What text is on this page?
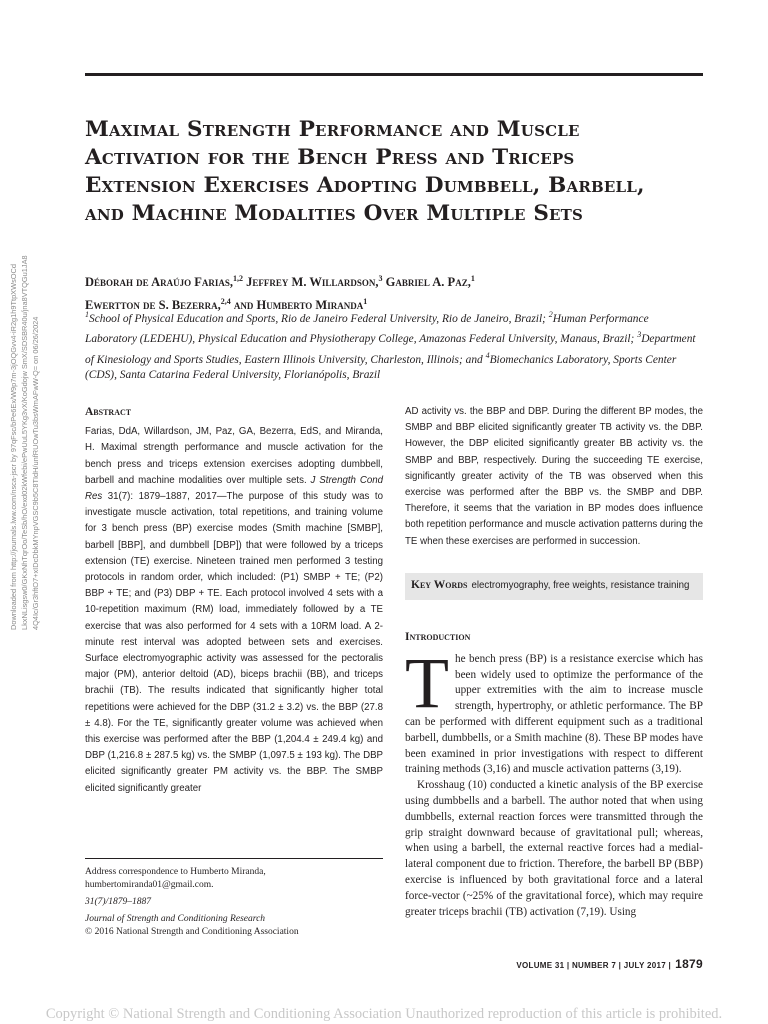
Downloaded from http://journals.lww.com/nsca-jscr by 97qFsc/bPe6Ex/W9p7m-3jOQGvv4-iR2g1h9TtpXWsOCd LkxNLisgsw0/GKxNhTqrOo/TeSb/hO/exd02kWfebi/ePwUuL5YKg3vX/KoGdojw SmX/SDSBR40u/jna8VTQGu1JA8 4Q4Ic/Gr3hftO7+xIDcDbkMYnpVGSC9b5C8TIdH/unfRUOwTu3bsWmAFwW-Q= on 06/26/2024
Maximal Strength Performance and Muscle Activation for the Bench Press and Triceps Extension Exercises Adopting Dumbbell, Barbell, and Machine Modalities Over Multiple Sets
Déborah de Araújo Farias,$^{1,2}$ Jeffrey M. Willardson,$^3$ Gabriel A. Paz,$^1$
Ewertton de S. Bezerra,$^{2,4}$ and Humberto Miranda$^1$
$^1$School of Physical Education and Sports, Rio de Janeiro Federal University, Rio de Janeiro, Brazil; $^2$Human Performance Laboratory (LEDEHU), Physical Education and Physiotherapy College, Amazonas Federal University, Manaus, Brazil; $^3$Department of Kinesiology and Sports Studies, Eastern Illinois University, Charleston, Illinois; and $^4$Biomechanics Laboratory, Sports Center (CDS), Santa Catarina Federal University, Florianópolis, Brazil
Abstract

Farias, DdA, Willardson, JM, Paz, GA, Bezerra, EdS, and Miranda, H. Maximal strength performance and muscle activation for the bench press and triceps extension exercises adopting dumbbell, barbell and machine modalities over multiple sets. J Strength Cond Res 31(7): 1879–1887, 2017—The purpose of this study was to investigate muscle activation, total repetitions, and training volume for 3 bench press (BP) exercise modes (Smith machine [SMBP], barbell [BBP], and dumbbell [DBP]) that were followed by a triceps extension (TE) exercise. Nineteen trained men performed 3 testing protocols in random order, which included: (P1) SMBP + TE; (P2) BBP + TE; and (P3) DBP + TE. Each protocol involved 4 sets with a 10-repetition maximum (RM) load, immediately followed by a TE exercise that was also performed for 4 sets with a 10RM load. A 2-minute rest interval was adopted between sets and exercises. Surface electromyographic activity was assessed for the pectoralis major (PM), anterior deltoid (AD), biceps brachii (BB), and triceps brachii (TB). The results indicated that significantly higher total repetitions were achieved for the DBP (31.2 ± 3.2) vs. the BBP (27.8 ± 4.8). For the TE, significantly greater volume was achieved when this exercise was performed after the BBP (1,204.4 ± 249.4 kg) and DBP (1,216.8 ± 287.5 kg) vs. the SMBP (1,097.5 ± 193 kg). The DBP elicited significantly greater PM activity vs. the BBP. The SMBP elicited significantly greater

AD activity vs. the BBP and DBP. During the different BP modes, the SMBP and BBP elicited significantly greater TB activity vs. the DBP. However, the DBP elicited significantly greater BB activity vs. the SMBP and BBP, respectively. During the succeeding TE exercise, significantly greater activity of the TB was observed when this exercise was performed after the BBP vs. the SMBP and DBP. Therefore, it seems that the variation in BP modes does influence both repetition performance and muscle activation patterns during the TE when these exercises are performed in succession.

Key Words electromyography, free weights, resistance training
Introduction

The bench press (BP) is a resistance exercise which has been widely used to optimize the performance of the upper extremities with the aim to increase muscle strength, hypertrophy, or athletic performance. The BP can be performed with different equipment such as a traditional barbell, dumbbells, or a Smith machine (8). These BP modes have been examined in prior investigations with respect to different training methods (3,16) and muscle activation patterns (3,19).

Krosshaug (10) conducted a kinetic analysis of the BP exercise using dumbbells and a barbell. The author noted that when using dumbbells, external reaction forces were transmitted through the grip straight downward because of gravitational pull; whereas, when using a barbell, the external reactive forces had a medial-lateral component due to friction. Therefore, the barbell BP (BBP) exercise is influenced by both gravitational force and a lateral force-vector (~25% of the gravitational force), which may require greater triceps brachii (TB) activation (7,19). Using

Address correspondence to Humberto Miranda, humbertomiranda01@gmail.com.

31(7)/1879–1887

Journal of Strength and Conditioning Research

© 2016 National Strength and Conditioning Association

VOLUME 31 | NUMBER 7 | JULY 2017 | 1879
Copyright © National Strength and Conditioning Association Unauthorized reproduction of this article is prohibited.
